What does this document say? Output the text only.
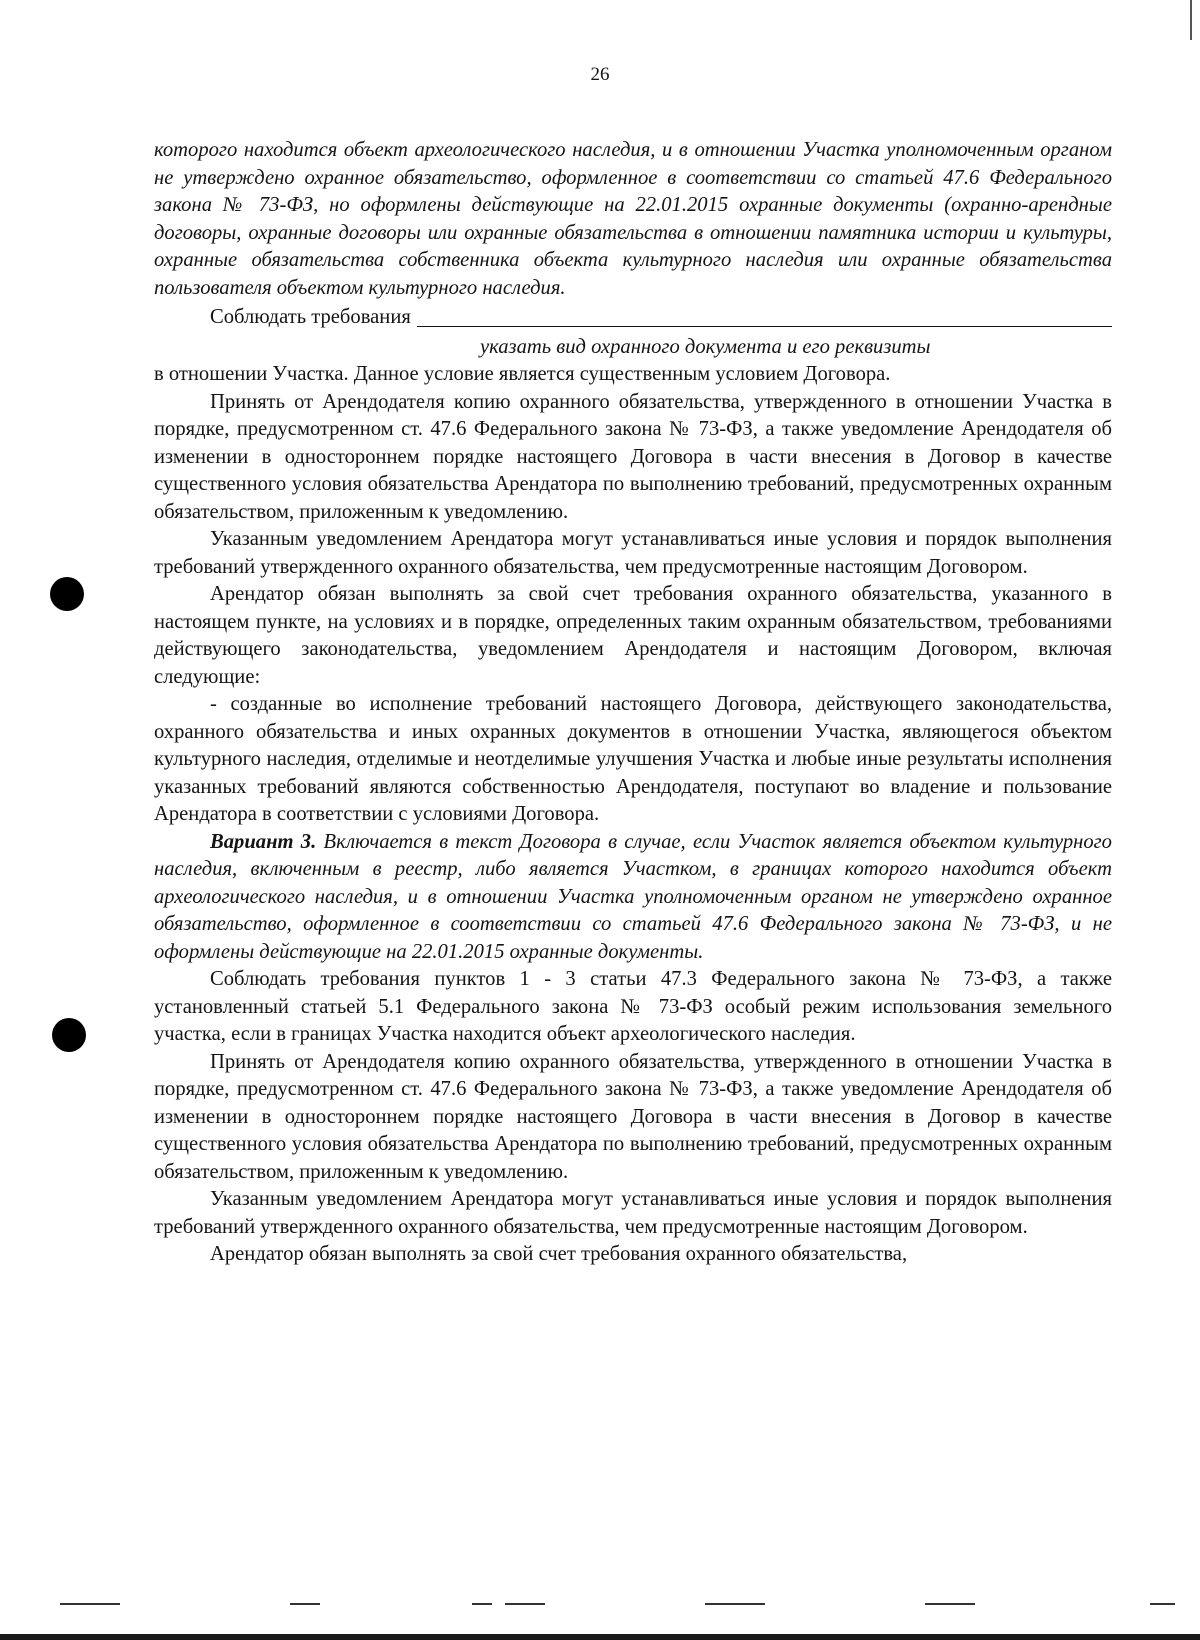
26

которого находится объект археологического наследия, и в отношении Участка уполномоченным органом не утверждено охранное обязательство, оформленное в соответствии со статьей 47.6 Федерального закона № 73-ФЗ, но оформлены действующие на 22.01.2015 охранные документы (охранно-арендные договоры, охранные договоры или охранные обязательства в отношении памятника истории и культуры, охранные обязательства собственника объекта культурного наследия или охранные обязательства пользователя объектом культурного наследия.

Соблюдать требования
указать вид охранного документа и его реквизиты

в отношении Участка. Данное условие является существенным условием Договора.

Принять от Арендодателя копию охранного обязательства, утвержденного в отношении Участка в порядке, предусмотренном ст. 47.6 Федерального закона № 73-ФЗ, а также уведомление Арендодателя об изменении в одностороннем порядке настоящего Договора в части внесения в Договор в качестве существенного условия обязательства Арендатора по выполнению требований, предусмотренных охранным обязательством, приложенным к уведомлению.

Указанным уведомлением Арендатора могут устанавливаться иные условия и порядок выполнения требований утвержденного охранного обязательства, чем предусмотренные настоящим Договором.

Арендатор обязан выполнять за свой счет требования охранного обязательства, указанного в настоящем пункте, на условиях и в порядке, определенных таким охранным обязательством, требованиями действующего законодательства, уведомлением Арендодателя и настоящим Договором, включая следующие:

- созданные во исполнение требований настоящего Договора, действующего законодательства, охранного обязательства и иных охранных документов в отношении Участка, являющегося объектом культурного наследия, отделимые и неотделимые улучшения Участка и любые иные результаты исполнения указанных требований являются собственностью Арендодателя, поступают во владение и пользование Арендатора в соответствии с условиями Договора.

Вариант 3. Включается в текст Договора в случае, если Участок является объектом культурного наследия, включенным в реестр, либо является Участком, в границах которого находится объект археологического наследия, и в отношении Участка уполномоченным органом не утверждено охранное обязательство, оформленное в соответствии со статьей 47.6 Федерального закона № 73-ФЗ, и не оформлены действующие на 22.01.2015 охранные документы.

Соблюдать требования пунктов 1 - 3 статьи 47.3 Федерального закона № 73-ФЗ, а также установленный статьей 5.1 Федерального закона № 73-ФЗ особый режим использования земельного участка, если в границах Участка находится объект археологического наследия.

Принять от Арендодателя копию охранного обязательства, утвержденного в отношении Участка в порядке, предусмотренном ст. 47.6 Федерального закона № 73-ФЗ, а также уведомление Арендодателя об изменении в одностороннем порядке настоящего Договора в части внесения в Договор в качестве существенного условия обязательства Арендатора по выполнению требований, предусмотренных охранным обязательством, приложенным к уведомлению.

Указанным уведомлением Арендатора могут устанавливаться иные условия и порядок выполнения требований утвержденного охранного обязательства, чем предусмотренные настоящим Договором.

Арендатор обязан выполнять за свой счет требования охранного обязательства,
